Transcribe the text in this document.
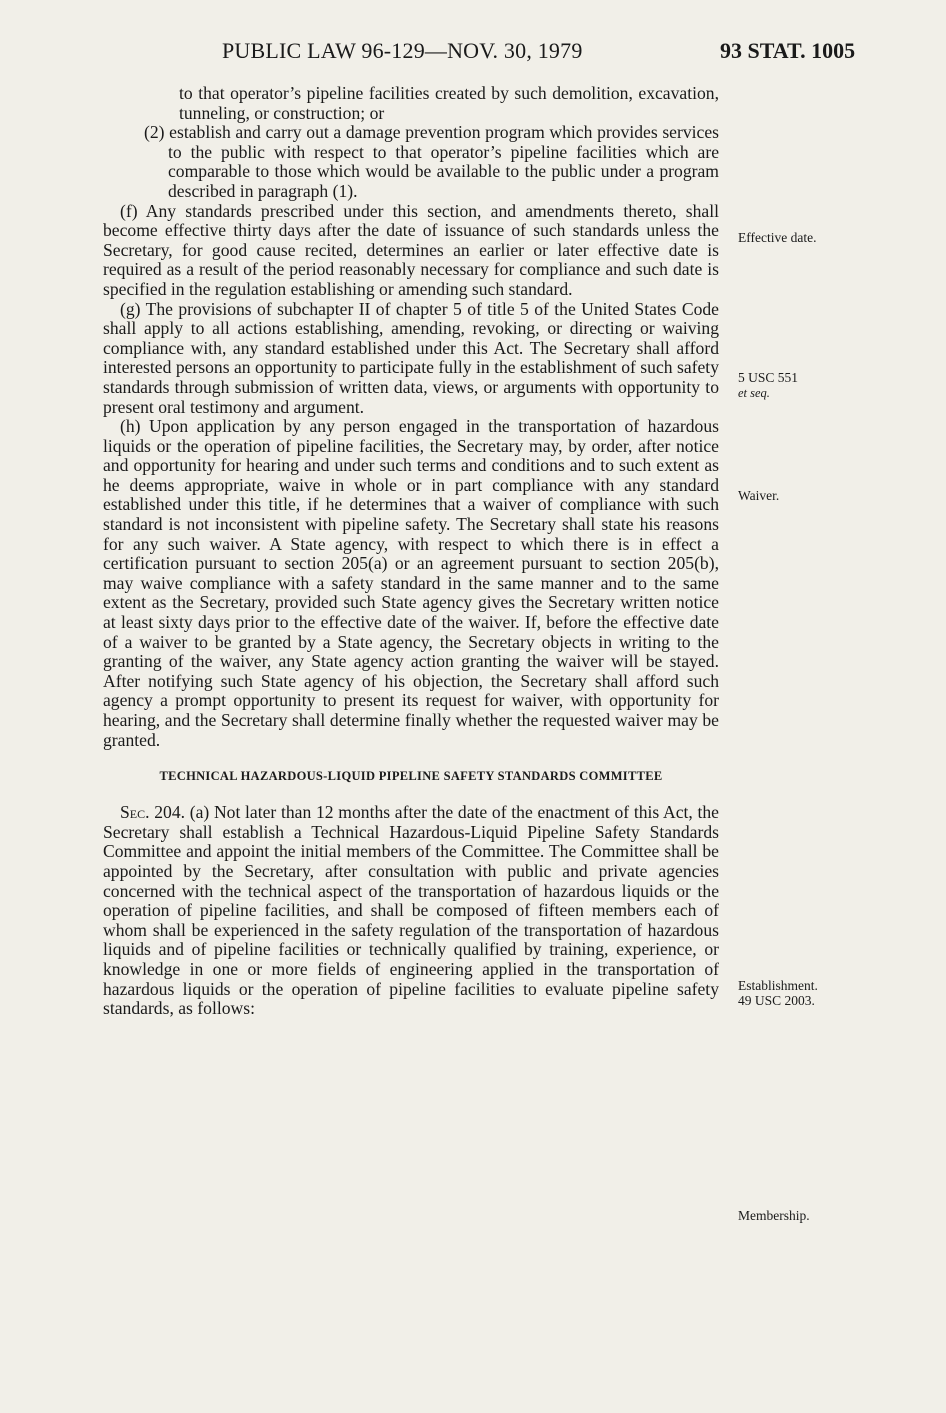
PUBLIC LAW 96-129—NOV. 30, 1979	93 STAT. 1005

to that operator’s pipeline facilities created by such demolition, excavation, tunneling, or construction; or

(2) establish and carry out a damage prevention program which provides services to the public with respect to that operator’s pipeline facilities which are comparable to those which would be available to the public under a program described in paragraph (1).

(f) Any standards prescribed under this section, and amendments thereto, shall become effective thirty days after the date of issuance of such standards unless the Secretary, for good cause recited, determines an earlier or later effective date is required as a result of the period reasonably necessary for compliance and such date is specified in the regulation establishing or amending such standard.

(g) The provisions of subchapter II of chapter 5 of title 5 of the United States Code shall apply to all actions establishing, amending, revoking, or directing or waiving compliance with, any standard established under this Act. The Secretary shall afford interested persons an opportunity to participate fully in the establishment of such safety standards through submission of written data, views, or arguments with opportunity to present oral testimony and argument.

(h) Upon application by any person engaged in the transportation of hazardous liquids or the operation of pipeline facilities, the Secretary may, by order, after notice and opportunity for hearing and under such terms and conditions and to such extent as he deems appropriate, waive in whole or in part compliance with any standard established under this title, if he determines that a waiver of compliance with such standard is not inconsistent with pipeline safety. The Secretary shall state his reasons for any such waiver. A State agency, with respect to which there is in effect a certification pursuant to section 205(a) or an agreement pursuant to section 205(b), may waive compliance with a safety standard in the same manner and to the same extent as the Secretary, provided such State agency gives the Secretary written notice at least sixty days prior to the effective date of the waiver. If, before the effective date of a waiver to be granted by a State agency, the Secretary objects in writing to the granting of the waiver, any State agency action granting the waiver will be stayed. After notifying such State agency of his objection, the Secretary shall afford such agency a prompt opportunity to present its request for waiver, with opportunity for hearing, and the Secretary shall determine finally whether the requested waiver may be granted.

TECHNICAL HAZARDOUS-LIQUID PIPELINE SAFETY STANDARDS COMMITTEE

Sec. 204. (a) Not later than 12 months after the date of the enactment of this Act, the Secretary shall establish a Technical Hazardous-Liquid Pipeline Safety Standards Committee and appoint the initial members of the Committee. The Committee shall be appointed by the Secretary, after consultation with public and private agencies concerned with the technical aspect of the transportation of hazardous liquids or the operation of pipeline facilities, and shall be composed of fifteen members each of whom shall be experienced in the safety regulation of the transportation of hazardous liquids and of pipeline facilities or technically qualified by training, experience, or knowledge in one or more fields of engineering applied in the transportation of hazardous liquids or the operation of pipeline facilities to evaluate pipeline safety standards, as follows:

Effective date.
5 USC 551
et seq.
Waiver.
Establishment.
49 USC 2003.
Membership.
